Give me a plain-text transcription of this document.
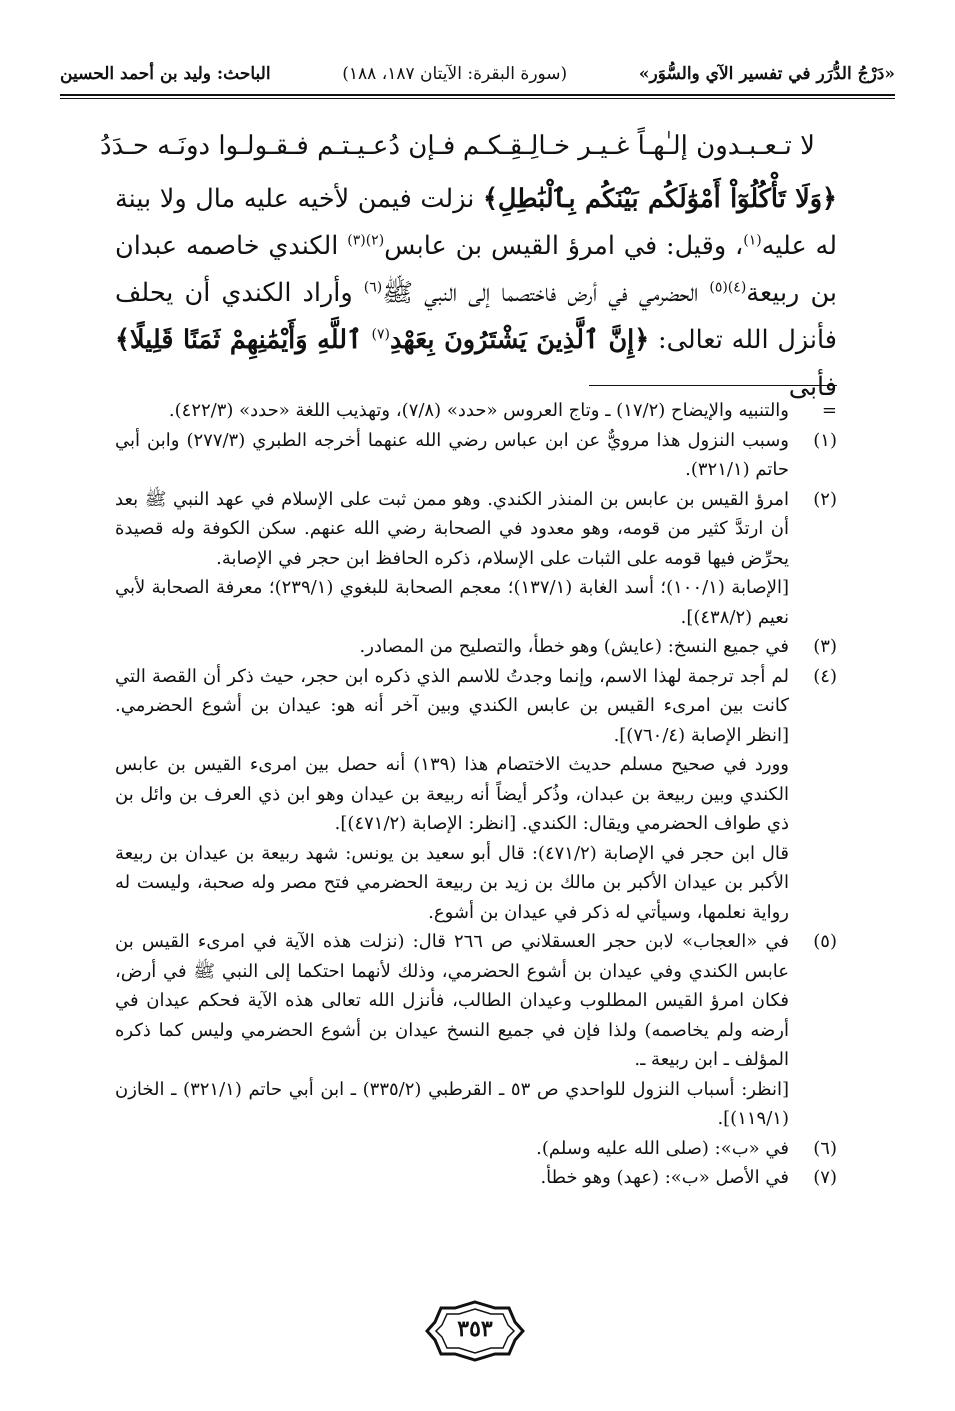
«دَرْجُ الدُّرَر في تفسير الآي والسُّوَر»
(سورة البقرة: الآيتان ١٨٧، ١٨٨)
الباحث: وليد بن أحمد الحسين
لا تـعـبـدون إلـٰهـاً غـيـر خـالِـقِـكـم
فـإن دُعـيـتـم فـقـولـوا دونَـه حـدَدُ

﴿وَلَا تَأْكُلُوٓاْ أَمْوَٰلَكُم بَيْنَكُم بِٱلْبَٰطِلِ﴾ نزلت فيمن لأخيه عليه مال ولا بينة له عليه$^{(١)}$، وقيل: في امرؤ القيس بن عابس$^{(٢)(٣)}$ الكندي خاصمه عبدان بن ربيعة$^{(٤)(٥)}$ الحضرمي في أرض فاختصما إلى النبي ﷺ$^{(٦)}$ وأراد الكندي أن يحلف فأنزل الله تعالى: ﴿إِنَّ ٱلَّذِينَ يَشْتَرُونَ بِعَهْدِ$^{(٧)}$ ٱللَّهِ وَأَيْمَٰنِهِمْ ثَمَنًا قَلِيلًا﴾ فأبى

=
والتنبيه والإيضاح (١٧/٢) ـ وتاج العروس «حدد» (٧/٨)، وتهذيب اللغة «حدد» (٤٢٢/٣).

(١)
وسبب النزول هذا مرويٌّ عن ابن عباس رضي الله عنهما أخرجه الطبري (٢٧٧/٣) وابن أبي حاتم (٣٢١/١).

(٢)
امرؤ القيس بن عابس بن المنذر الكندي. وهو ممن ثبت على الإسلام في عهد النبي ﷺ بعد أن ارتدَّ كثير من قومه، وهو معدود في الصحابة رضي الله عنهم. سكن الكوفة وله قصيدة يحرِّض فيها قومه على الثبات على الإسلام، ذكره الحافظ ابن حجر في الإصابة.

[الإصابة (١٠٠/١)؛ أسد الغابة (١٣٧/١)؛ معجم الصحابة للبغوي (٢٣٩/١)؛ معرفة الصحابة لأبي نعيم (٤٣٨/٢)].

(٣)
في جميع النسخ: (عايش) وهو خطأ، والتصليح من المصادر.

(٤)
لم أجد ترجمة لهذا الاسم، وإنما وجدتُ للاسم الذي ذكره ابن حجر، حيث ذكر أن القصة التي كانت بين امرىء القيس بن عابس الكندي وبين آخر أنه هو: عيدان بن أشوع الحضرمي. [انظر الإصابة (٧٦٠/٤)].

وورد في صحيح مسلم حديث الاختصام هذا (١٣٩) أنه حصل بين امرىء القيس بن عابس الكندي وبين ربيعة بن عبدان، وذُكر أيضاً أنه ربيعة بن عيدان وهو ابن ذي العرف بن وائل بن ذي طواف الحضرمي ويقال: الكندي. [انظر: الإصابة (٤٧١/٢)].

قال ابن حجر في الإصابة (٤٧١/٢): قال أبو سعيد بن يونس: شهد ربيعة بن عيدان بن ربيعة الأكبر بن عيدان الأكبر بن مالك بن زيد بن ربيعة الحضرمي فتح مصر وله صحبة، وليست له رواية نعلمها، وسيأتي له ذكر في عيدان بن أشوع.

(٥)
في «العجاب» لابن حجر العسقلاني ص ٢٦٦ قال: (نزلت هذه الآية في امرىء القيس بن عابس الكندي وفي عيدان بن أشوع الحضرمي، وذلك لأنهما احتكما إلى النبي ﷺ في أرض، فكان امرؤ القيس المطلوب وعيدان الطالب، فأنزل الله تعالى هذه الآية فحكم عيدان في أرضه ولم يخاصمه) ولذا فإن في جميع النسخ عيدان بن أشوع الحضرمي وليس كما ذكره المؤلف ـ ابن ربيعة ـ.

[انظر: أسباب النزول للواحدي ص ٥٣ ـ القرطبي (٣٣٥/٢) ـ ابن أبي حاتم (٣٢١/١) ـ الخازن (١١٩/١)].

(٦)
في «ب»: (صلى الله عليه وسلم).

(٧)
في الأصل «ب»: (عهد) وهو خطأ.

٣٥٣
